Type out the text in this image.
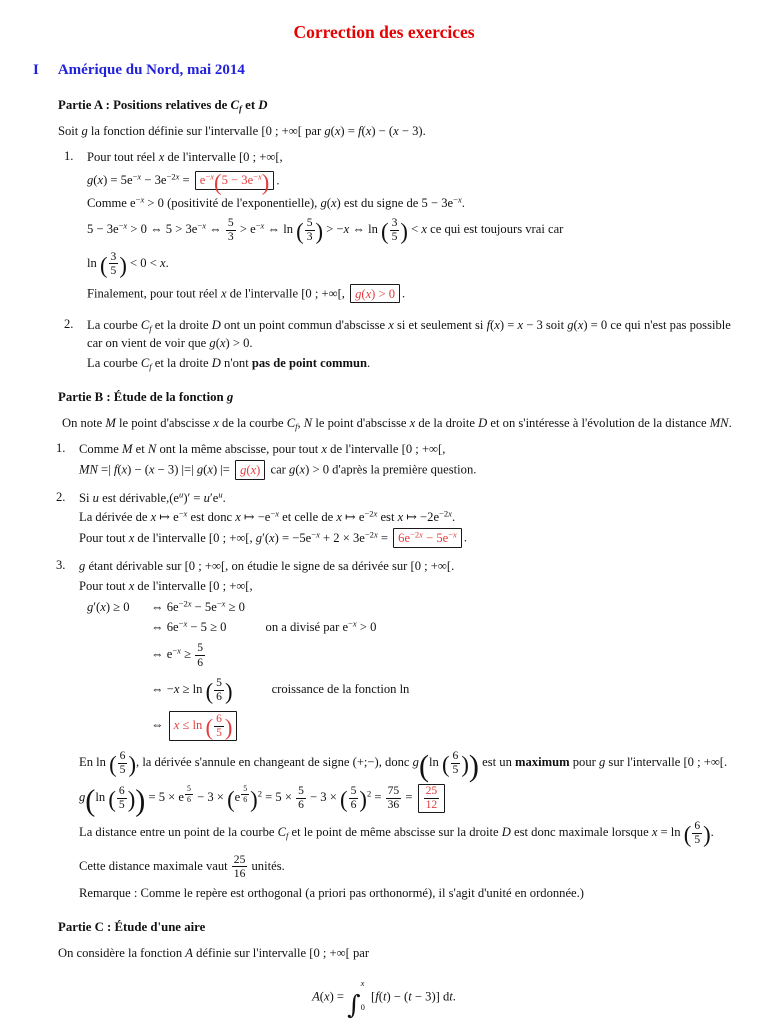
Correction des exercices
I Amérique du Nord, mai 2014
Partie A : Positions relatives de $C_f$ et D
Soit g la fonction définie sur l'intervalle [0 ; +∞[ par g(x) = f(x) − (x − 3).
1.	Pour tout réel x de l'intervalle [0 ; +∞[,
$g(x) = 5e^{-x} - 3e^{-2x} = e^{-x}(5 - 3e^{-x})$ .
Comme $e^{-x} > 0$ (positivité de l'exponentielle), g(x) est du signe de $5 - 3e^{-x}$.
$5 - 3e^{-x} > 0$ ⇔ $5 > 3e^{-x}$ ⇔ $\frac{5}{3} > e^{-x}$ ⇔ ln ( $\frac{5}{3}$ ) > −x ⇔ ln ( $\frac{3}{5}$ ) < x ce qui est toujours vrai car
ln ( $\frac{3}{5}$ ) < 0 < x.
Finalement, pour tout réel x de l'intervalle [0 ; +∞[, g(x) > 0 .
2.	La courbe $C_f$ et la droite D ont un point commun d'abscisse x si et seulement si f(x) = x − 3 soit g(x) = 0 ce qui n'est pas possible car on vient de voir que g(x) > 0.
La courbe $C_f$ et la droite D n'ont pas de point commun.
Partie B : Étude de la fonction g
On note M le point d'abscisse x de la courbe $C_f$, N le point d'abscisse x de la droite D et on s'intéresse à l'évolution de la distance MN.
1.	Comme M et N ont la même abscisse, pour tout x de l'intervalle [0 ; +∞[,
MN =| f(x) − (x − 3) |=| g(x) |= g(x) car g(x) > 0 d'après la première question.
2.	Si u est $dérivable,(e^u)' = u'e^u$.
La dérivée de x ↦ $e^{-x}$ est donc x ↦ $-e^{-x}$ et celle de x ↦ $e^{-2x}$ est x ↦ $-2e^{-2x}$.
Pour tout x de l'intervalle [0 ; +∞[, $g'(x) = -5e^{-x} + 2 \times 3e^{-2x} = 6e^{-2x} - 5e^{-x}$ .
3.	g étant dérivable sur [0 ; +∞[, on étudie le signe de sa dérivée sur [0 ; +∞[.
Pour tout x de l'intervalle [0 ; +∞[,
g′(x) ≥ 0	⇔ $6e^{-2x} - 5e^{-x} \ge 0$
⇔ $6e^{-x} - 5 \ge 0$	on a divisé par $e^{-x} > 0$
⇔ $e^{-x} \ge \frac{5}{6}$
⇔ −x ≥ ln ( $\frac{5}{6}$ )	croissance de la fonction ln
⇔ x ≤ ln ( $\frac{6}{5}$ )
En ln ( $\frac{6}{5}$ ), la dérivée s'annule en changeant de signe (+;−), donc g(ln ( $\frac{6}{5}$ )) est un maximum pour g sur l'intervalle [0 ; +∞[.
g(ln ( $\frac{6}{5}$ )) = 5 × e $^{\frac{5}{6}}$ − 3 × (e $^{\frac{5}{6}}$ )$^2 = 5 \times \frac{5}{6} - 3$ × ( $\frac{5}{6} )^2 = \frac{75}{36} = \frac{25}{12}$
La distance entre un point de la courbe $C_f$ et le point de même abscisse sur la droite D est donc maximale lorsque x = ln ( $\frac{6}{5}$ ).
Cette distance maximale vaut $\frac{25}{16}$ unités.
Remarque : Comme le repère est orthogonal (a priori pas orthonormé), il s'agit d'unité en ordonnée.)
Partie C : Étude d'une aire
On considère la fonction A définie sur l'intervalle [0 ; +∞[ par
A(x) = ∫
x
0
[f(t) − (t − 3)] dt.
